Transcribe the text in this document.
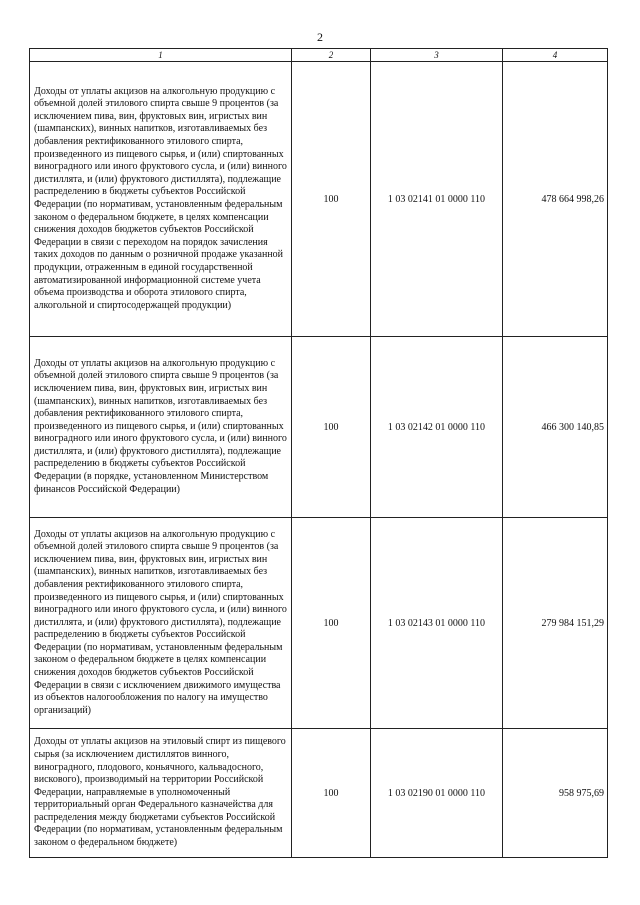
2
1	2	3	4
Доходы от уплаты акцизов на алкогольную продукцию с объемной долей этилового спирта свыше 9 процентов (за исключением пива, вин, фруктовых вин, игристых вин (шампанских), винных напитков, изготавливаемых без добавления ректификованного этилового спирта, произведенного из пищевого сырья, и (или) спиртованных виноградного или иного фруктового сусла, и (или) винного дистиллята, и (или) фруктового дистиллята), подлежащие распределению в бюджеты субъектов Российской Федерации (по нормативам, установленным федеральным законом о федеральном бюджете, в целях компенсации снижения доходов бюджетов субъектов Российской Федерации в связи с переходом на порядок зачисления таких доходов по данным о розничной продаже указанной продукции, отраженным в единой государственной автоматизированной информационной системе учета объема производства и оборота этилового спирта, алкогольной и спиртосодержащей продукции)	100	1 03 02141 01 0000 110	478 664 998,26
Доходы от уплаты акцизов на алкогольную продукцию с объемной долей этилового спирта свыше 9 процентов (за исключением пива, вин, фруктовых вин, игристых вин (шампанских), винных напитков, изготавливаемых без добавления ректификованного этилового спирта, произведенного из пищевого сырья, и (или) спиртованных виноградного или иного фруктового сусла, и (или) винного дистиллята, и (или) фруктового дистиллята), подлежащие распределению в бюджеты субъектов Российской Федерации (в порядке, установленном Министерством финансов Российской Федерации)	100	1 03 02142 01 0000 110	466 300 140,85
Доходы от уплаты акцизов на алкогольную продукцию с объемной долей этилового спирта свыше 9 процентов (за исключением пива, вин, фруктовых вин, игристых вин (шампанских), винных напитков, изготавливаемых без добавления ректификованного этилового спирта, произведенного из пищевого сырья, и (или) спиртованных виноградного или иного фруктового сусла, и (или) винного дистиллята, и (или) фруктового дистиллята), подлежащие распределению в бюджеты субъектов Российской Федерации (по нормативам, установленным федеральным законом о федеральном бюджете в целях компенсации снижения доходов бюджетов субъектов Российской Федерации в связи с исключением движимого имущества из объектов налогообложения по налогу на имущество организаций)	100	1 03 02143 01 0000 110	279 984 151,29
Доходы от уплаты акцизов на этиловый спирт из пищевого сырья (за исключением дистиллятов винного, виноградного, плодового, коньячного, кальвадосного, вискового), производимый на территории Российской Федерации, направляемые в уполномоченный территориальный орган Федерального казначейства для распределения между бюджетами субъектов Российской Федерации (по нормативам, установленным федеральным законом о федеральном бюджете)	100	1 03 02190 01 0000 110	958 975,69
